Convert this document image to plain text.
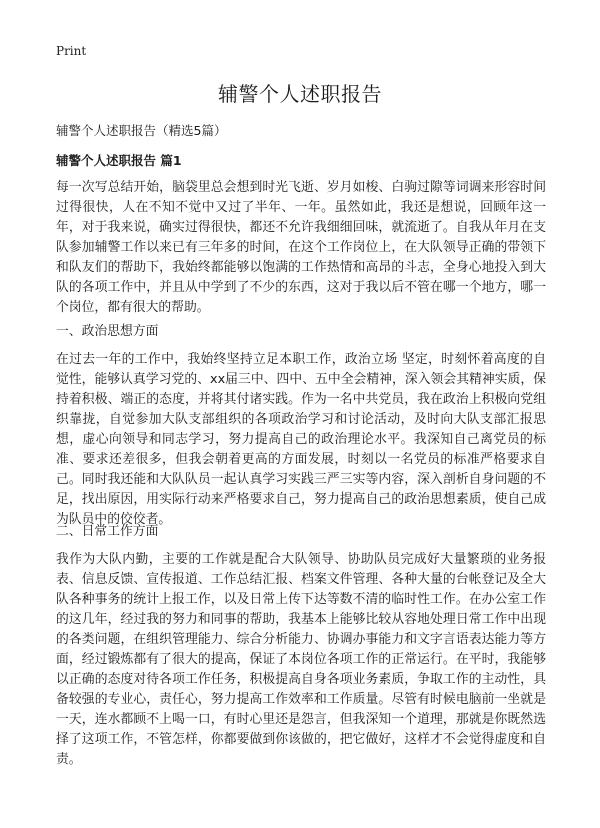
Print
辅警个人述职报告

辅警个人述职报告（精选5篇）

辅警个人述职报告 篇1

每一次写总结开始，脑袋里总会想到时光飞逝、岁月如梭、白驹过隙等词调来形容时间过得很快，人在不知不觉中又过了半年、一年。虽然如此，我还是想说，回顾年这一年，对于我来说，确实过得很快，都还不允许我细细回味，就流逝了。自我从年月在支队参加辅警工作以来已有三年多的时间，在这个工作岗位上，在大队领导正确的带领下和队友们的帮助下，我始终都能够以饱满的工作热情和高昂的斗志，全身心地投入到大队的各项工作中，并且从中学到了不少的东西，这对于我以后不管在哪一个地方，哪一个岗位，都有很大的帮助。

一、政治思想方面

在过去一年的工作中，我始终坚持立足本职工作，政治立场 坚定，时刻怀着高度的自觉性，能够认真学习党的、xx届三中、四中、五中全会精神，深入领会其精神实质，保持着积极、端正的态度，并将其付诸实践。作为一名中共党员，我在政治上积极向党组织靠拢，自觉参加大队支部组织的各项政治学习和讨论活动，及时向大队支部汇报思想，虚心向领导和同志学习，努力提高自己的政治理论水平。我深知自己离党员的标准、要求还差很多，但我会朝着更高的方面发展，时刻以一名党员的标准严格要求自己。同时我还能和大队队员一起认真学习实践三严三实等内容，深入剖析自身问题的不足，找出原因，用实际行动来严格要求自己，努力提高自己的政治思想素质，使自己成为队员中的佼佼者。

二、日常工作方面

我作为大队内勤，主要的工作就是配合大队领导、协助队员完成好大量繁琐的业务报表、信息反馈、宣传报道、工作总结汇报、档案文件管理、各种大量的台帐登记及全大队各种事务的统计上报工作，以及日常上传下达等数不清的临时性工作。在办公室工作的这几年，经过我的努力和同事的帮助，我基本上能够比较从容地处理日常工作中出现的各类问题，在组织管理能力、综合分析能力、协调办事能力和文字言语表达能力等方面，经过锻炼都有了很大的提高，保证了本岗位各项工作的正常运行。在平时，我能够以正确的态度对待各项工作任务，积极提高自身各项业务素质，争取工作的主动性，具备较强的专业心，责任心，努力提高工作效率和工作质量。尽管有时候电脑前一坐就是一天，连水都顾不上喝一口，有时心里还是怨言，但我深知一个道理，那就是你既然选择了这项工作，不管怎样，你都要做到你该做的，把它做好，这样才不会觉得虚度和自责。
